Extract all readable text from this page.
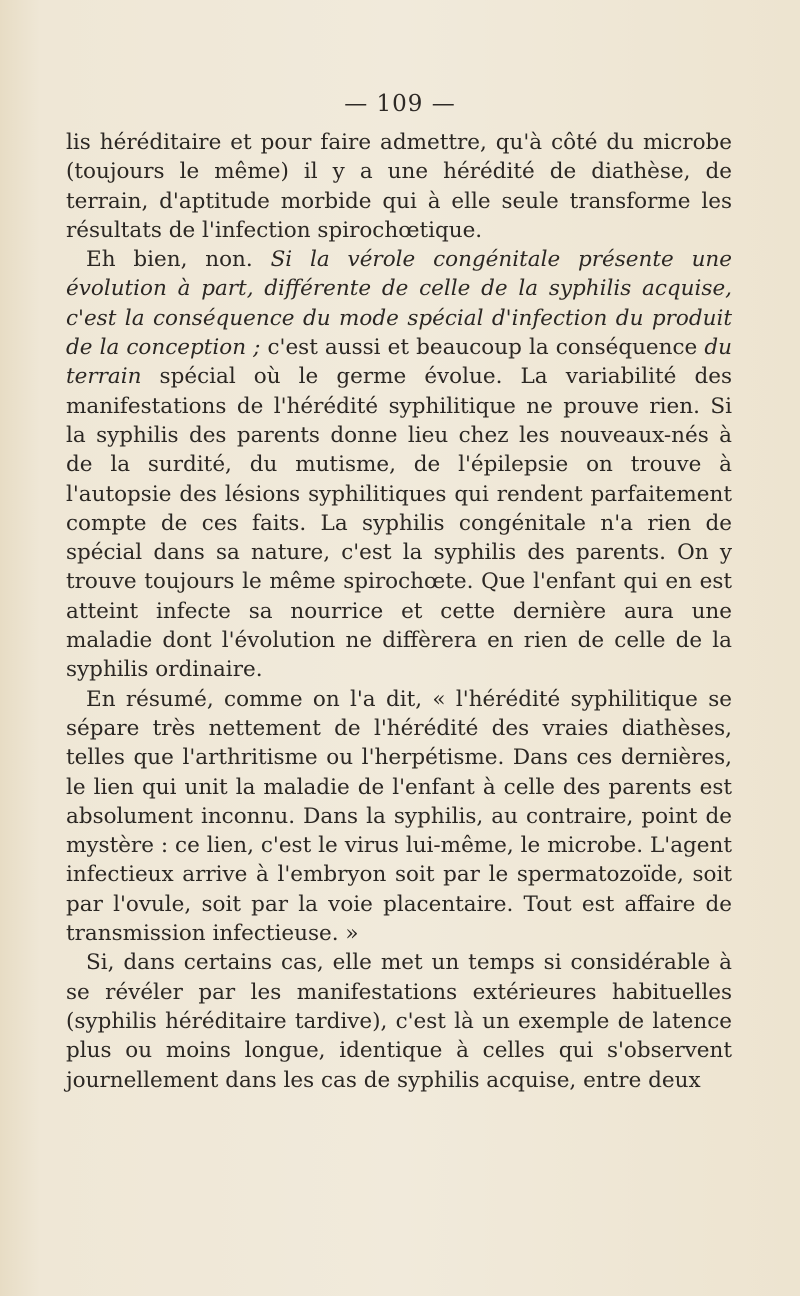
— 109 —

lis héréditaire et pour faire admettre, qu'à côté du microbe (toujours le même) il y a une hérédité de diathèse, de terrain, d'aptitude morbide qui à elle seule transforme les résultats de l'infection spirochœtique.

Eh bien, non. Si la vérole congénitale présente une évolution à part, différente de celle de la syphilis acquise, c'est la conséquence du mode spécial d'infection du produit de la conception ; c'est aussi et beaucoup la conséquence du terrain spécial où le germe évolue. La variabilité des manifestations de l'hérédité syphilitique ne prouve rien. Si la syphilis des parents donne lieu chez les nouveaux-nés à de la surdité, du mutisme, de l'épilepsie on trouve à l'autopsie des lésions syphilitiques qui rendent parfaitement compte de ces faits. La syphilis congénitale n'a rien de spécial dans sa nature, c'est la syphilis des parents. On y trouve toujours le même spirochœte. Que l'enfant qui en est atteint infecte sa nourrice et cette dernière aura une maladie dont l'évolution ne diffèrera en rien de celle de la syphilis ordinaire.

En résumé, comme on l'a dit, « l'hérédité syphilitique se sépare très nettement de l'hérédité des vraies diathèses, telles que l'arthritisme ou l'herpétisme. Dans ces dernières, le lien qui unit la maladie de l'enfant à celle des parents est absolument inconnu. Dans la syphilis, au contraire, point de mystère : ce lien, c'est le virus lui-même, le microbe. L'agent infectieux arrive à l'embryon soit par le spermatozoïde, soit par l'ovule, soit par la voie placentaire. Tout est affaire de transmission infectieuse. »

Si, dans certains cas, elle met un temps si considérable à se révéler par les manifestations extérieures habituelles (syphilis héréditaire tardive), c'est là un exemple de latence plus ou moins longue, identique à celles qui s'observent journellement dans les cas de syphilis acquise, entre deux
